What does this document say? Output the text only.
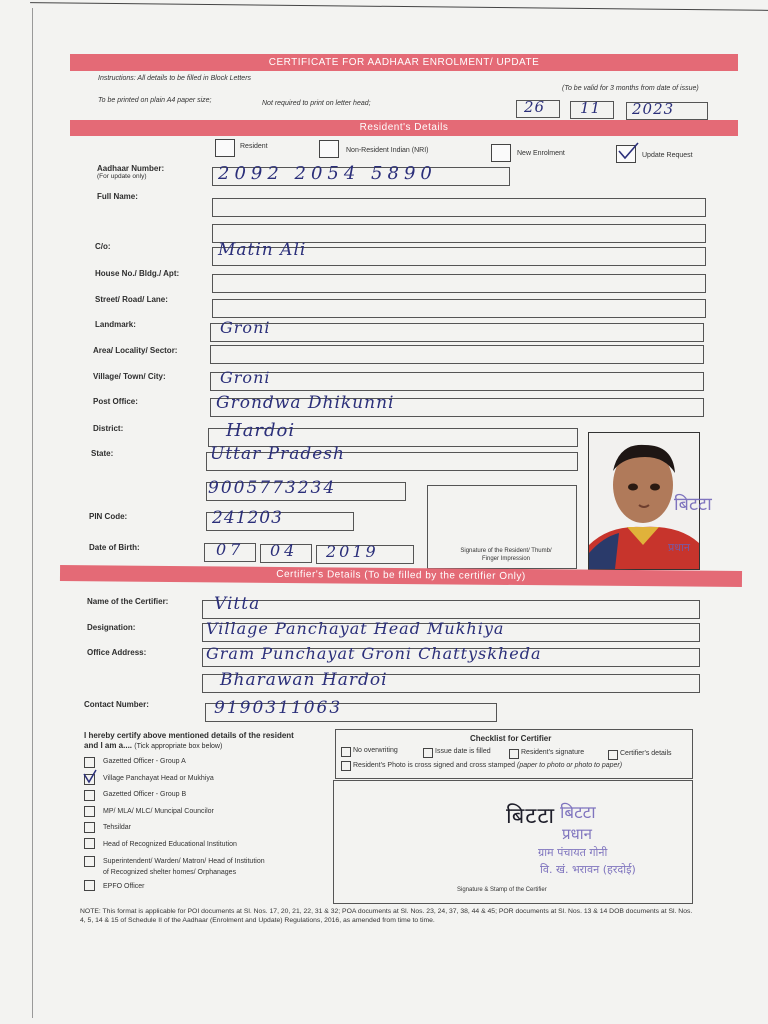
CERTIFICATE FOR AADHAAR ENROLMENT/ UPDATE
Instructions: All details to be filled in Block Letters
(To be valid for 3 months from date of issue)
To be printed on plain A4 paper size;	Not required to print on letter head;	26 11 2023
Resident's Details
Resident
Non-Resident Indian (NRI)	New Enrolment	Update Request
Aadhaar Number:
(For update only)	2092 2054 5890
Full Name:
C/o:	Matin Ali
House No./ Bldg./ Apt:
Street/ Road/ Lane:
Landmark:	Groni
Area/ Locality/ Sector:
Village/ Town/ City:	Groni
Post Office:	Grondwa Dhikunni
District:	Hardoi
State:	Uttar Pradesh
9005773234
PIN Code:	241203
Date of Birth:	07 04 2019	Signature of the Resident/ Thumb/ Finger Impression
बिटटा
प्रधान
Certifier's Details (To be filled by the certifier Only)
Name of the Certifier:	Vitta
Designation:	Village Panchayat Head Mukhiya
Office Address:	Gram Punchayat Groni Chattyskheda
Bharawan Hardoi
Contact Number:	9190311063
I hereby certify above mentioned details of the resident
and I am a.... (Tick appropriate box below)
Gazetted Officer - Group A
Village Panchayat Head or Mukhiya
Gazetted Officer - Group B
MP/ MLA/ MLC/ Muncipal Councilor
Tehsildar
Head of Recognized Educational Institution
Superintendent/ Warden/ Matron/ Head of Institution
of Recognized shelter homes/ Orphanages
EPFO Officer
Checklist for Certifier
No overwriting	Issue date is filled	Resident's signature	Certifier's details
Resident's Photo is cross signed and cross stamped (paper to photo or photo to paper)
बिटटा बिटटा
प्रधान
ग्राम पंचायत गोनी
वि. खं. भरावन (हरदोई)
Signature & Stamp of the Certifier
NOTE: This format is applicable for POI documents at Sl. Nos. 17, 20, 21, 22, 31 & 32; POA documents at Sl. Nos. 23, 24, 37, 38, 44 & 45; POR documents at Sl. Nos. 13 & 14 DOB documents at Sl. Nos. 4, 5, 14 & 15 of Schedule II of the Aadhaar (Enrolment and Update) Regulations, 2016, as amended from time to time.
